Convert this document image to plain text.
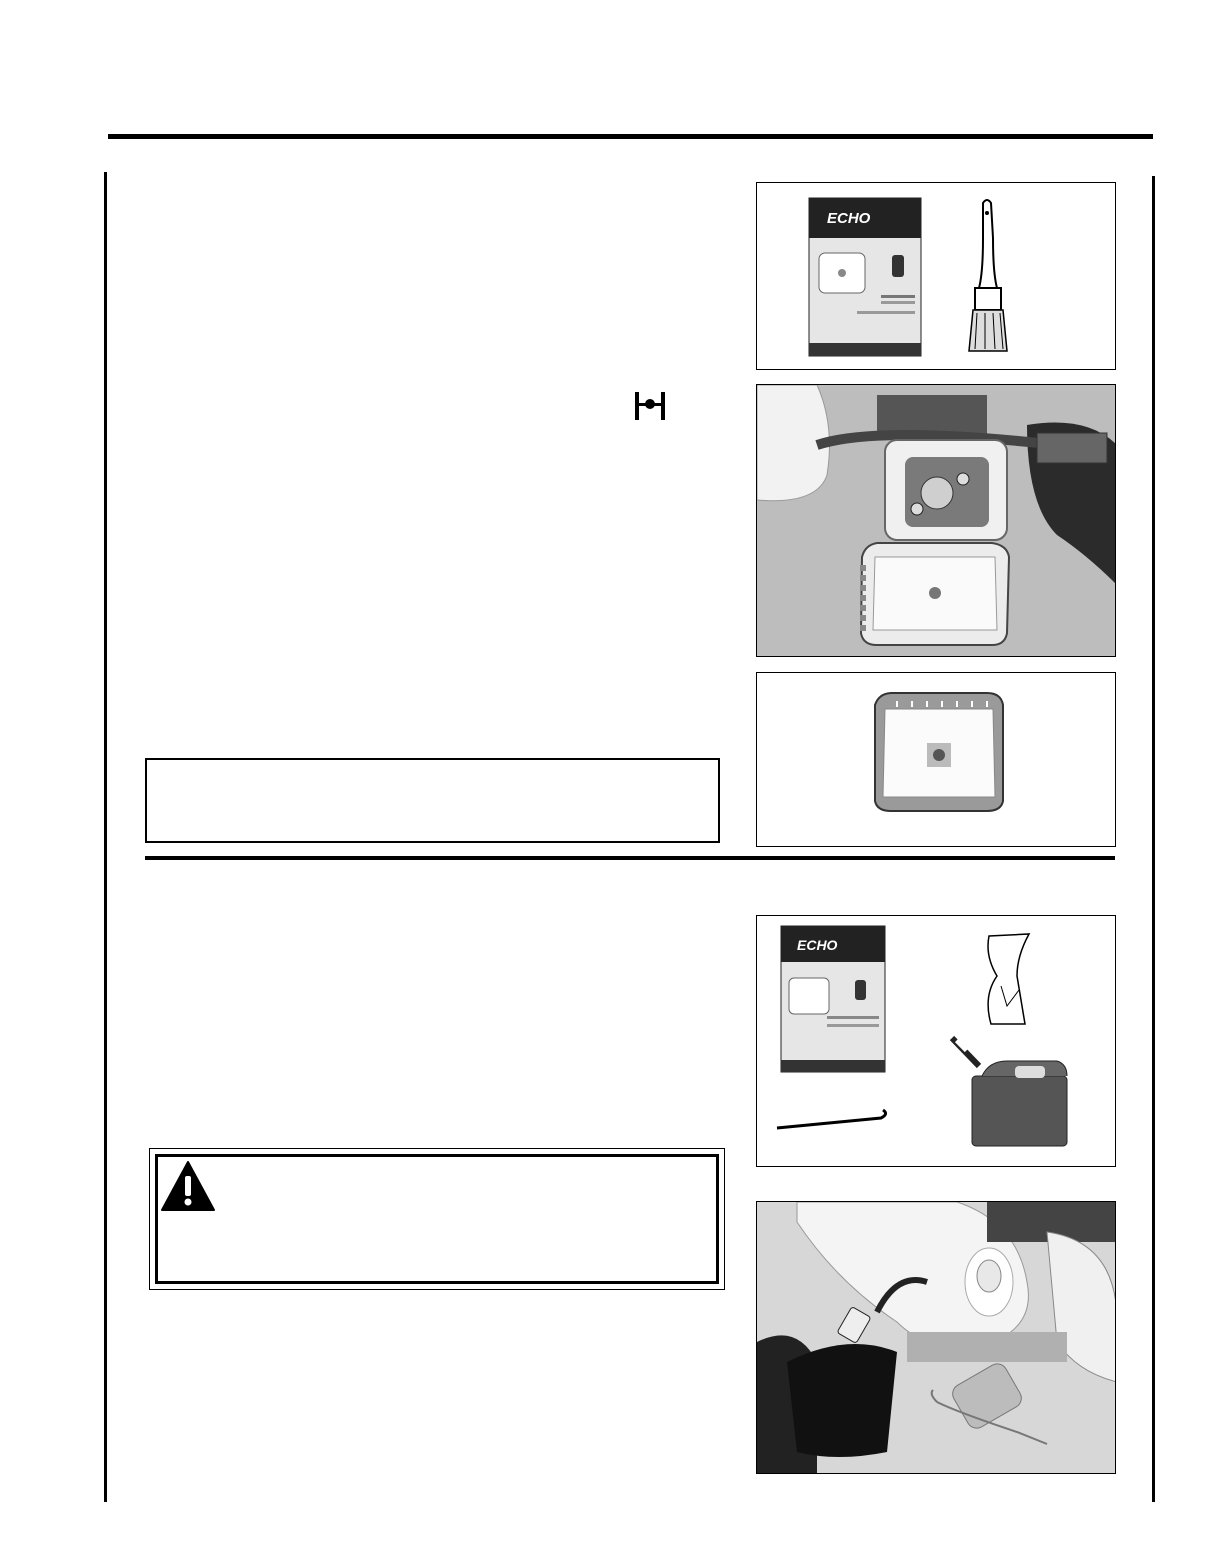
ECHO
ECHO
